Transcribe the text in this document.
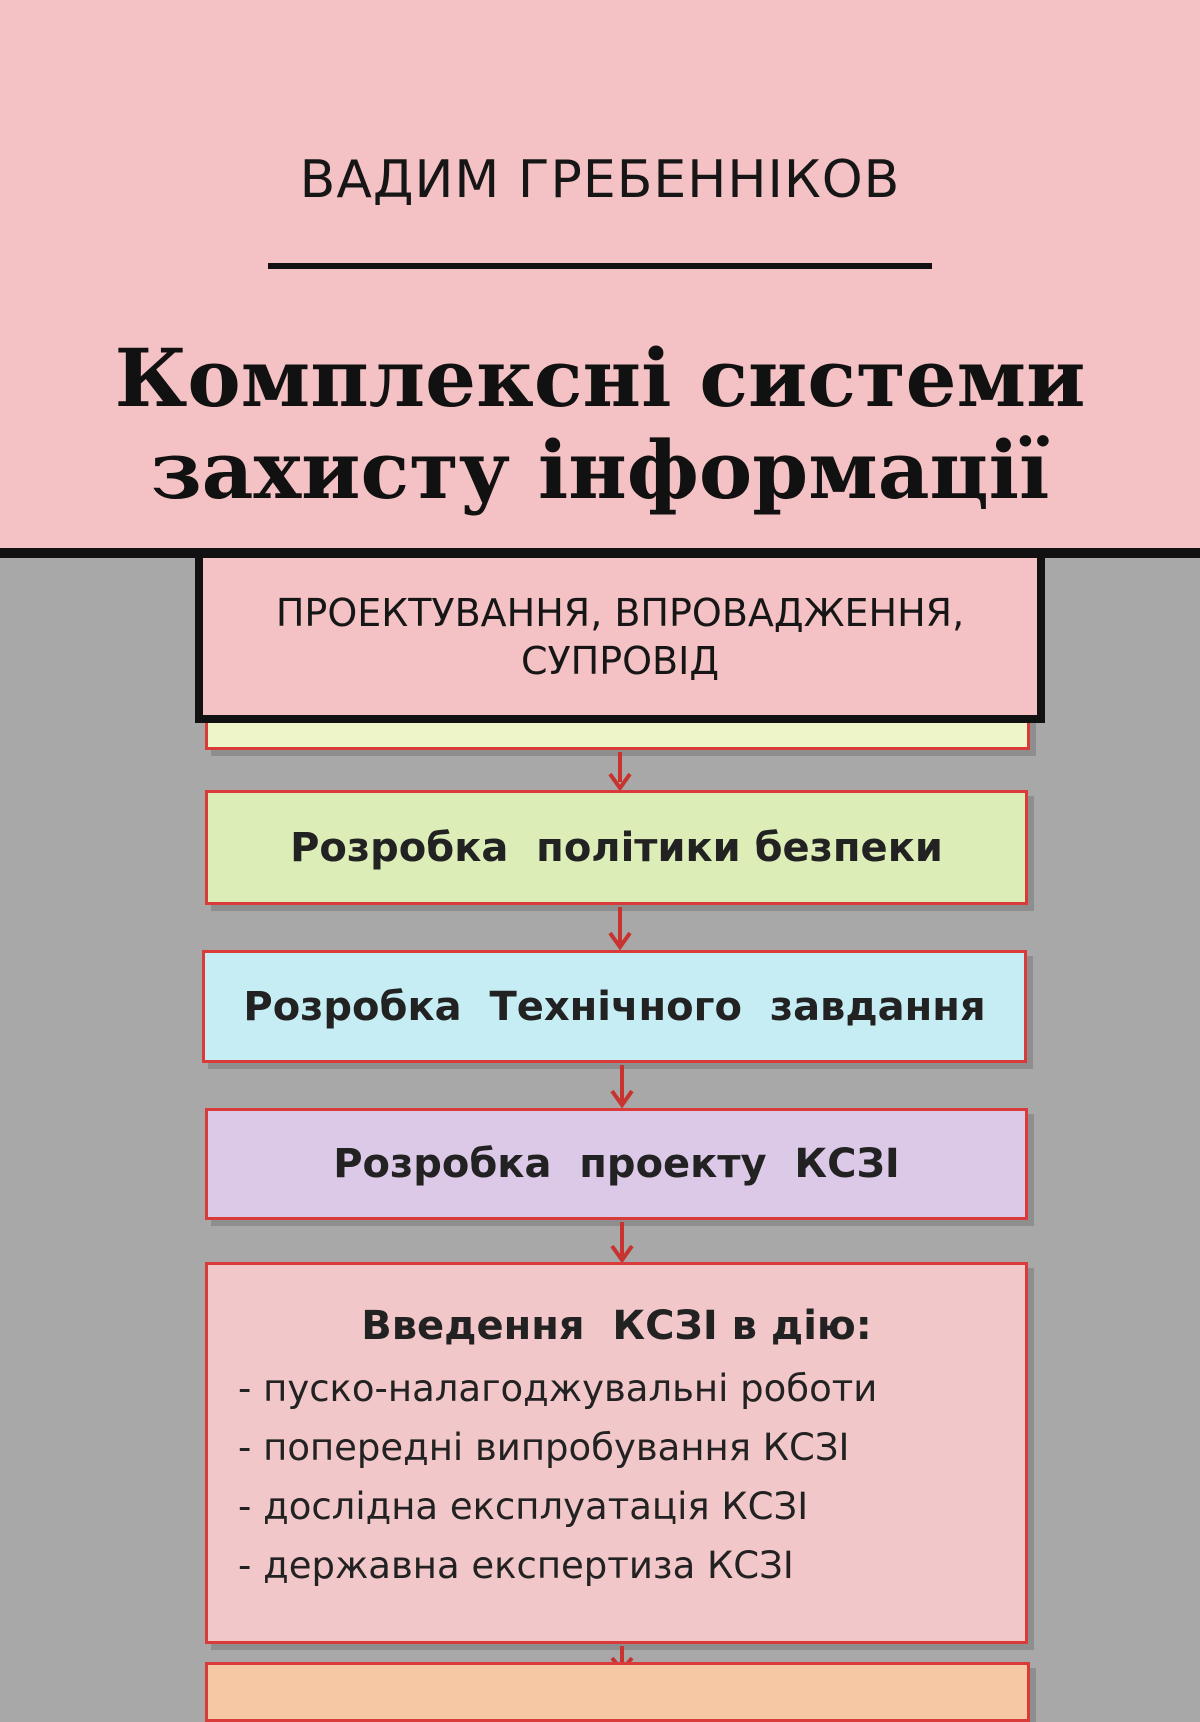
ВАДИМ ГРЕБЕННІКОВ
Комплексні системи
захисту інформації
Розробка  політики безпеки
Розробка  Технічного  завдання
Розробка  проекту  КСЗІ
Введення  КСЗІ в дію:
- пуско-налагоджувальні роботи
- попередні випробування КСЗІ
- дослідна експлуатація КСЗІ
- державна експертиза КСЗІ
ПРОЕКТУВАННЯ, ВПРОВАДЖЕННЯ,
СУПРОВІД
